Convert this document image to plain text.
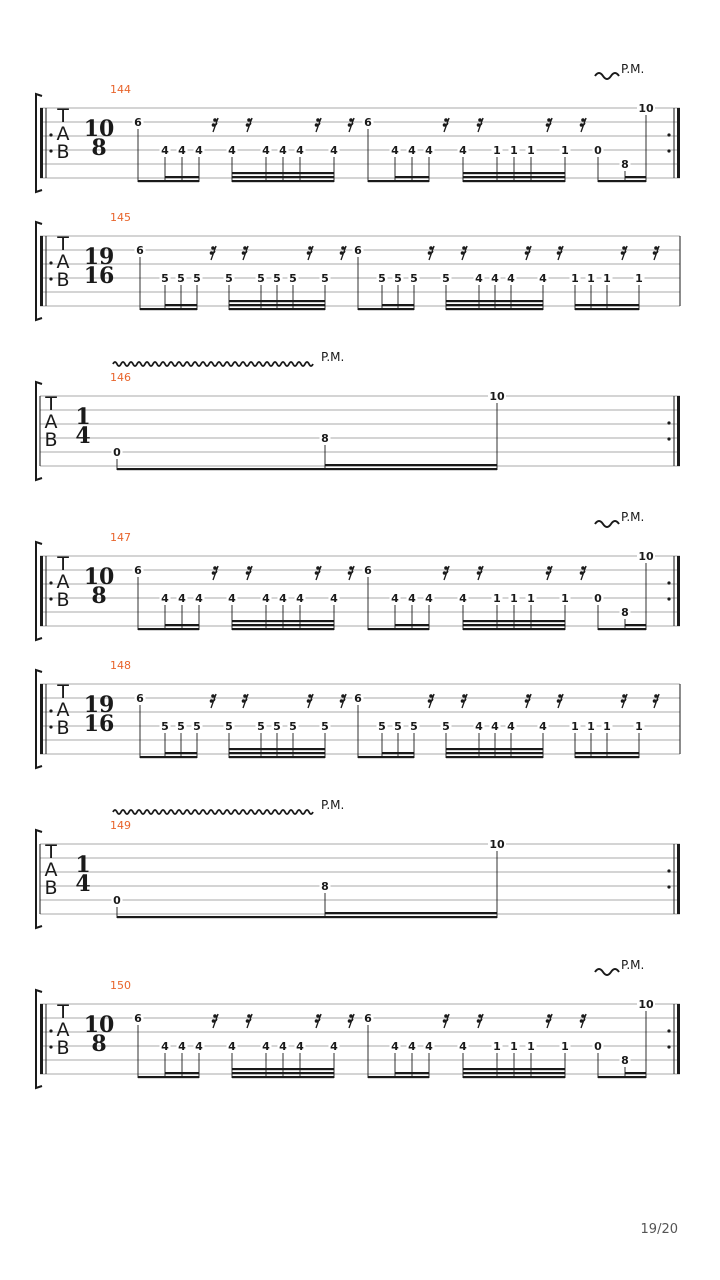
P.M.
144
T
A
B
10
8
6
4 4 4 4 4 4 4 4
6
4 4 4 4 1 1 1 1 0
8
10
145
T
A
B
19
16
6
5 5 5 5 5 5 5 5
6
5 5 5 5 4 4 4 4 1 1 1 1
P.M.
146
T
A
B
1
4
0
8
10
P.M.
147
T
A
B
10
8
6
4 4 4 4 4 4 4 4
6
4 4 4 4 1 1 1 1 0
8
10
148
T
A
B
19
16
6
5 5 5 5 5 5 5 5
6
5 5 5 5 4 4 4 4 1 1 1 1
P.M.
149
T
A
B
1
4
0
8
10
P.M.
150
T
A
B
10
8
6
4 4 4 4 4 4 4 4
6
4 4 4 4 1 1 1 1 0
8
10
19/20
